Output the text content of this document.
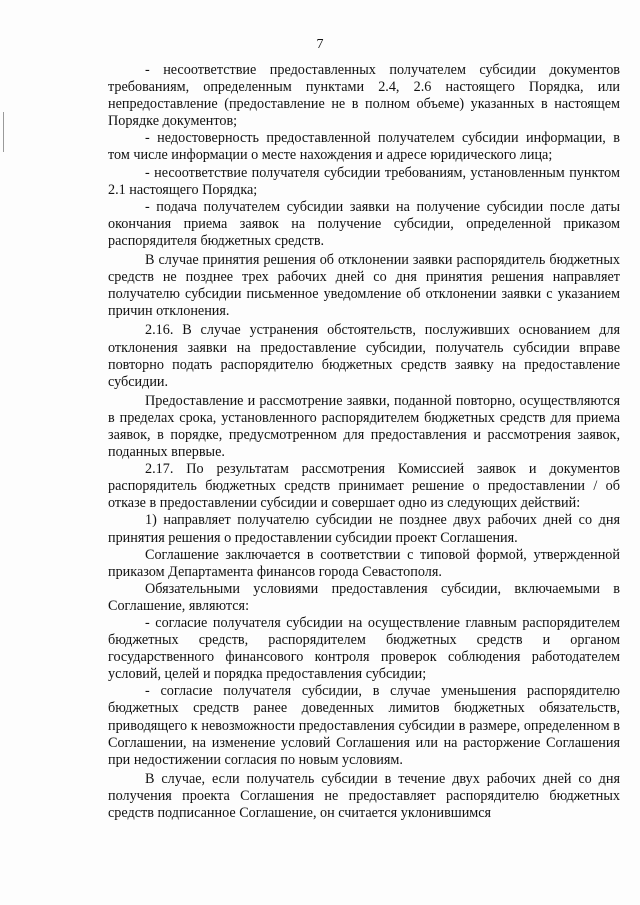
7

- несоответствие предоставленных получателем субсидии документов требованиям, определенным пунктами 2.4, 2.6 настоящего Порядка, или непредоставление (предоставление не в полном объеме) указанных в настоящем Порядке документов;

- недостоверность предоставленной получателем субсидии информации, в том числе информации о месте нахождения и адресе юридического лица;

- несоответствие получателя субсидии требованиям, установленным пунктом 2.1 настоящего Порядка;

- подача получателем субсидии заявки на получение субсидии после даты окончания приема заявок на получение субсидии, определенной приказом распорядителя бюджетных средств.

В случае принятия решения об отклонении заявки распорядитель бюджетных средств не позднее трех рабочих дней со дня принятия решения направляет получателю субсидии письменное уведомление об отклонении заявки с указанием причин отклонения.

2.16. В случае устранения обстоятельств, послуживших основанием для отклонения заявки на предоставление субсидии, получатель субсидии вправе повторно подать распорядителю бюджетных средств заявку на предоставление субсидии.

Предоставление и рассмотрение заявки, поданной повторно, осуществляются в пределах срока, установленного распорядителем бюджетных средств для приема заявок, в порядке, предусмотренном для предоставления и рассмотрения заявок, поданных впервые.

2.17. По результатам рассмотрения Комиссией заявок и документов распорядитель бюджетных средств принимает решение о предоставлении / об отказе в предоставлении субсидии и совершает одно из следующих действий:

1) направляет получателю субсидии не позднее двух рабочих дней со дня принятия решения о предоставлении субсидии проект Соглашения.

Соглашение заключается в соответствии с типовой формой, утвержденной приказом Департамента финансов города Севастополя.

Обязательными условиями предоставления субсидии, включаемыми в Соглашение, являются:

- согласие получателя субсидии на осуществление главным распорядителем бюджетных средств, распорядителем бюджетных средств и органом государственного финансового контроля проверок соблюдения работодателем условий, целей и порядка предоставления субсидии;

- согласие получателя субсидии, в случае уменьшения распорядителю бюджетных средств ранее доведенных лимитов бюджетных обязательств, приводящего к невозможности предоставления субсидии в размере, определенном в Соглашении, на изменение условий Соглашения или на расторжение Соглашения при недостижении согласия по новым условиям.

В случае, если получатель субсидии в течение двух рабочих дней со дня получения проекта Соглашения не предоставляет распорядителю бюджетных средств подписанное Соглашение, он считается уклонившимся
